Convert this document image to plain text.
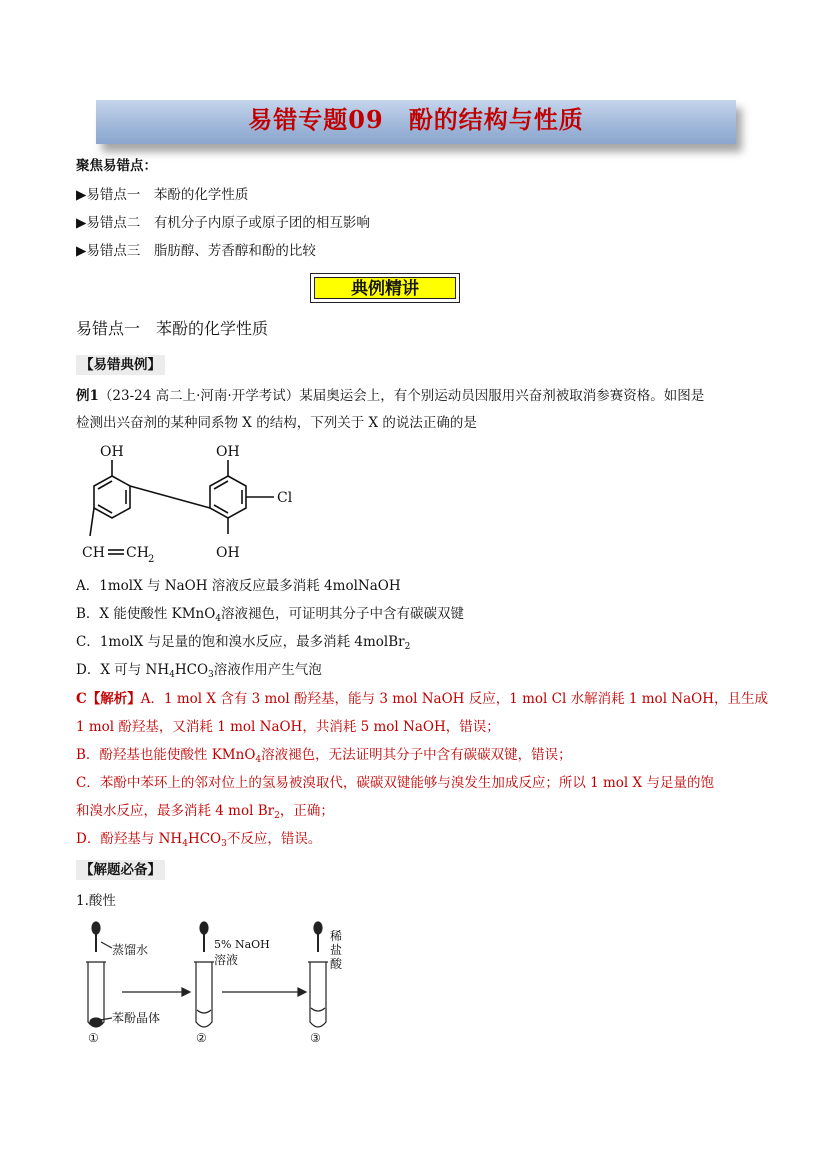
易错专题09　酚的结构与性质
聚焦易错点：
▶易错点一　苯酚的化学性质
▶易错点二　有机分子内原子或原子团的相互影响
▶易错点三　脂肪醇、芳香醇和酚的比较
典例精讲
易错点一　苯酚的化学性质
【易错典例】
例1（23-24 高二上·河南·开学考试）某届奥运会上，有个别运动员因服用兴奋剂被取消参赛资格。如图是
检测出兴奋剂的某种同系物 X 的结构，下列关于 X 的说法正确的是
OH	OH
OH
Cl
CH CH 2
A．1molX 与 NaOH 溶液反应最多消耗 4molNaOH
B．X 能使酸性 KMnO$_4$溶液褪色，可证明其分子中含有碳碳双键
C．1molX 与足量的饱和溴水反应，最多消耗 4molBr$_2$
D．X 可与 $NH_4HCO_3$溶液作用产生气泡
C【解析】A．1 mol X 含有 3 mol 酚羟基，能与 3 mol NaOH 反应，1 mol Cl 水解消耗 1 mol NaOH，且生成
1 mol 酚羟基，又消耗 1 mol NaOH，共消耗 5 mol NaOH，错误；
B．酚羟基也能使酸性 KMnO$_4$溶液褪色，无法证明其分子中含有碳碳双键，错误；
C．苯酚中苯环上的邻对位上的氢易被溴取代，碳碳双键能够与溴发生加成反应；所以 1 mol X 与足量的饱
和溴水反应，最多消耗 4 mol $Br_2$，正确；
D．酚羟基与 $NH_4HCO_3$不反应，错误。
【解题必备】
1.酸性
蒸馏水	5% NaOH
溶液
稀
盐
酸
苯酚晶体
①	②	③
